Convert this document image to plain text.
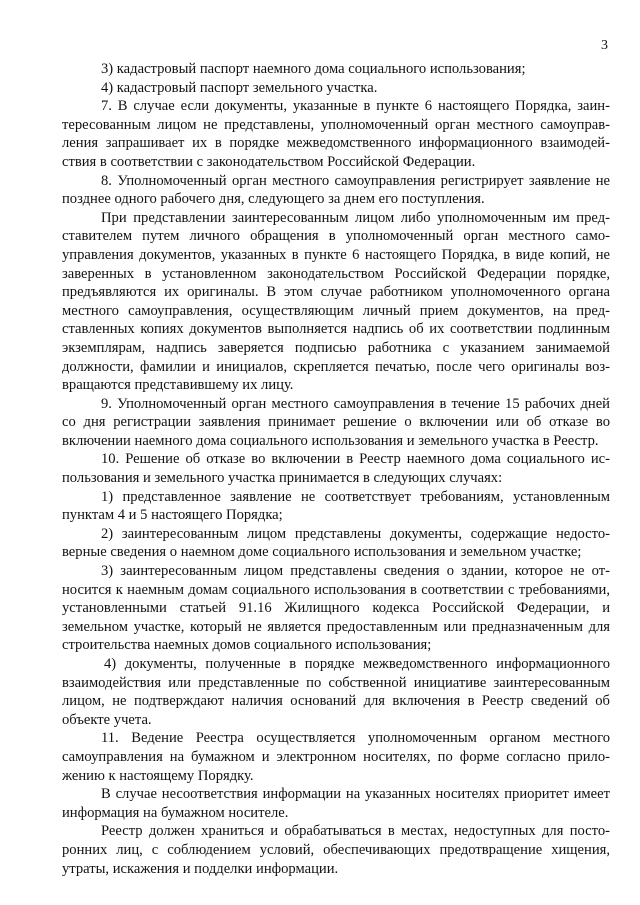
3

3) кадастровый паспорт наемного дома социального использования;

4) кадастровый паспорт земельного участка.

7. В случае если документы, указанные в пункте 6 настоящего Порядка, заинтересованным лицом не представлены, уполномоченный орган местного самоуправления запрашивает их в порядке межведомственного информационного взаимодействия в соответствии с законодательством Российской Федерации.

8. Уполномоченный орган местного самоуправления регистрирует заявление не позднее одного рабочего дня, следующего за днем его поступления.

При представлении заинтересованным лицом либо уполномоченным им представителем путем личного обращения в уполномоченный орган местного самоуправления документов, указанных в пункте 6 настоящего Порядка, в виде копий, не заверенных в установленном законодательством Российской Федерации порядке, предъявляются их оригиналы. В этом случае работником уполномоченного органа местного самоуправления, осуществляющим личный прием документов, на представленных копиях документов выполняется надпись об их соответствии подлинным экземплярам, надпись заверяется подписью работника с указанием занимаемой должности, фамилии и инициалов, скрепляется печатью, после чего оригиналы возвращаются представившему их лицу.

9. Уполномоченный орган местного самоуправления в течение 15 рабочих дней со дня регистрации заявления принимает решение о включении или об отказе во включении наемного дома социального использования и земельного участка в Реестр.

10. Решение об отказе во включении в Реестр наемного дома социального использования и земельного участка принимается в следующих случаях:

1) представленное заявление не соответствует требованиям, установленным пунктам 4 и 5 настоящего Порядка;

2) заинтересованным лицом представлены документы, содержащие недостоверные сведения о наемном доме социального использования и земельном участке;

3) заинтересованным лицом представлены сведения о здании, которое не относится к наемным домам социального использования в соответствии с требованиями, установленными статьей 91.16 Жилищного кодекса Российской Федерации, и земельном участке, который не является предоставленным или предназначенным для строительства наемных домов социального использования;

4) документы, полученные в порядке межведомственного информационного взаимодействия или представленные по собственной инициативе заинтересованным лицом, не подтверждают наличия оснований для включения в Реестр сведений об объекте учета.

11. Ведение Реестра осуществляется уполномоченным органом местного самоуправления на бумажном и электронном носителях, по форме согласно приложению к настоящему Порядку.

В случае несоответствия информации на указанных носителях приоритет имеет информация на бумажном носителе.

Реестр должен храниться и обрабатываться в местах, недоступных для посторонних лиц, с соблюдением условий, обеспечивающих предотвращение хищения, утраты, искажения и подделки информации.
